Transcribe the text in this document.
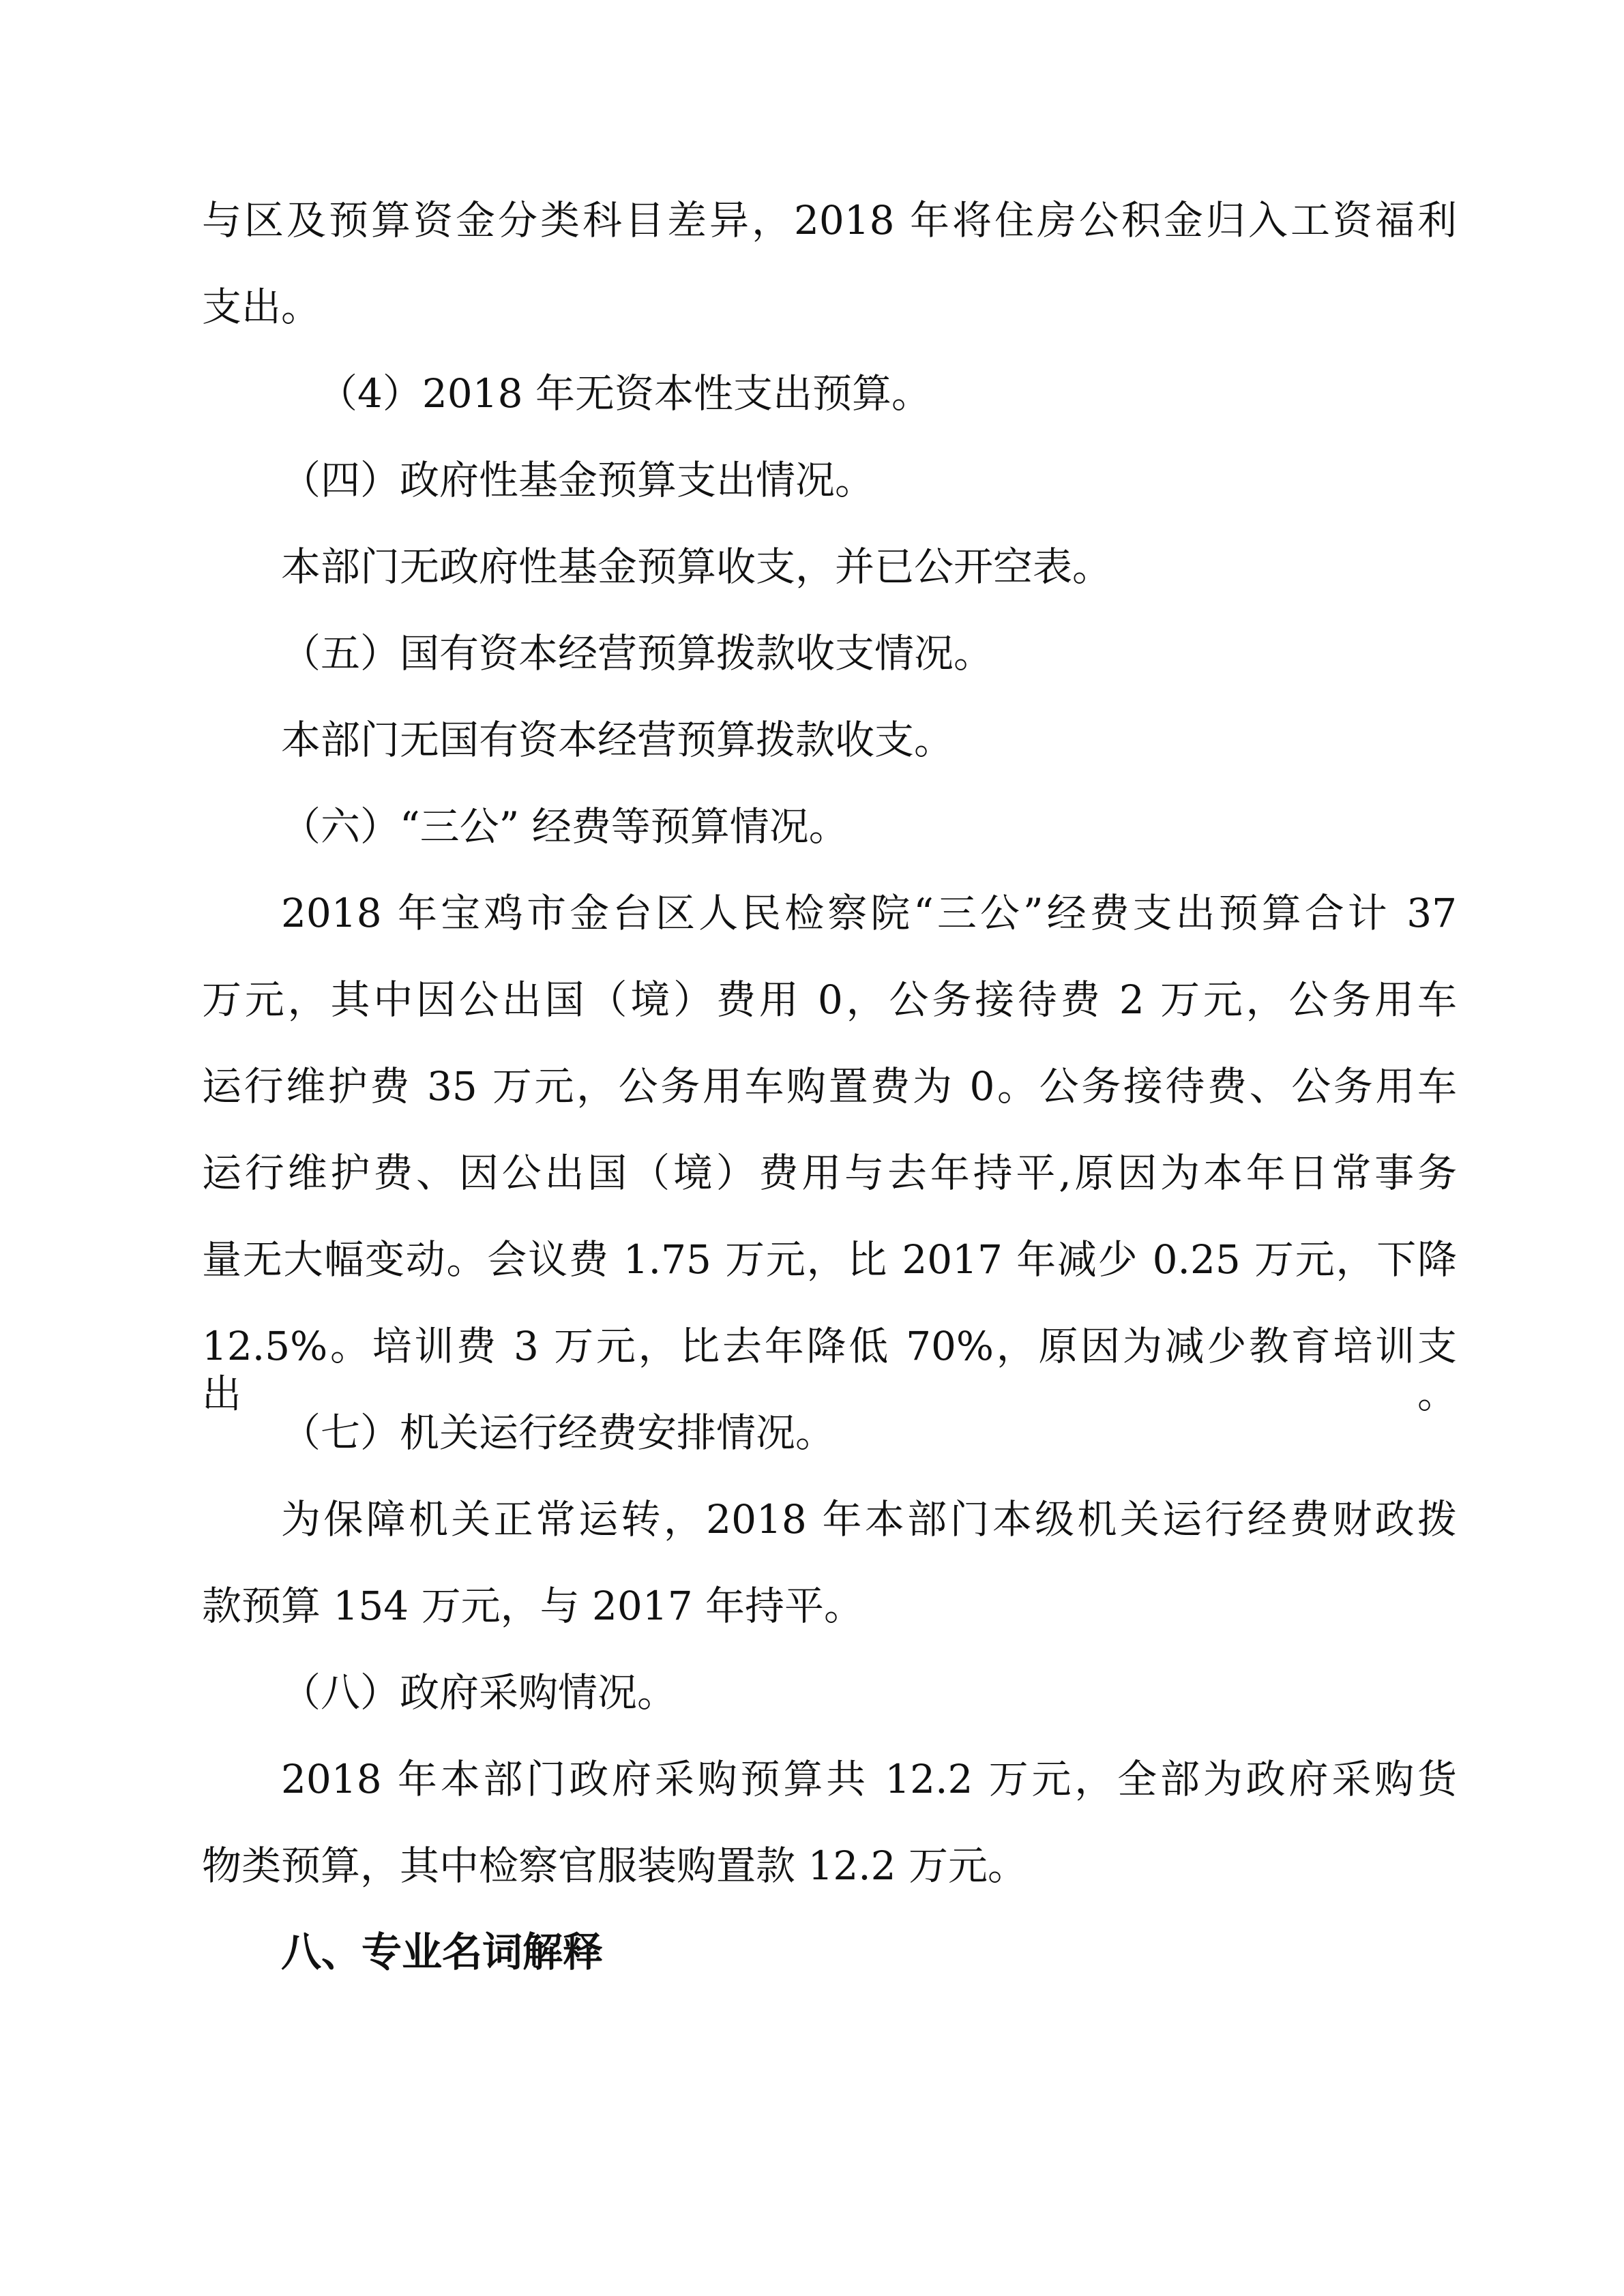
与区及预算资金分类科目差异，2018 年将住房公积金归入工资福利
支出。
（4）2018 年无资本性支出预算。
（四）政府性基金预算支出情况。
本部门无政府性基金预算收支，并已公开空表。
（五）国有资本经营预算拨款收支情况。
本部门无国有资本经营预算拨款收支。
（六）“三公” 经费等预算情况。
2018 年宝鸡市金台区人民检察院“三公”经费支出预算合计 37
万元，其中因公出国（境）费用 0，公务接待费 2 万元，公务用车
运行维护费 35 万元，公务用车购置费为 0。公务接待费、公务用车
运行维护费、因公出国（境）费用与去年持平,原因为本年日常事务
量无大幅变动。会议费 1.75 万元，比 2017 年减少 0.25 万元，下降
12.5%。培训费 3 万元，比去年降低 70%，原因为减少教育培训支出。
（七）机关运行经费安排情况。
为保障机关正常运转，2018 年本部门本级机关运行经费财政拨
款预算 154 万元，与 2017 年持平。
（八）政府采购情况。
2018 年本部门政府采购预算共 12.2 万元，全部为政府采购货
物类预算，其中检察官服装购置款 12.2 万元。
八、专业名词解释
